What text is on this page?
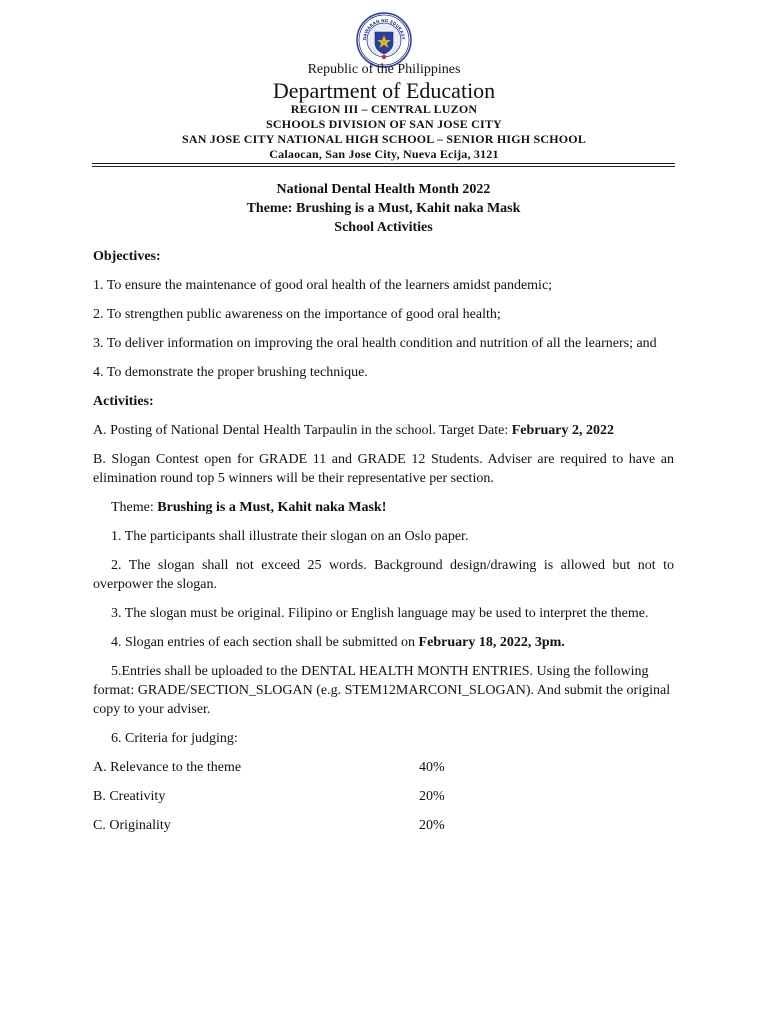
GAWARAN NG EDUKASY
Republic of the Philippines
Department of Education
REGION III – CENTRAL LUZON
SCHOOLS DIVISION OF SAN JOSE CITY
SAN JOSE CITY NATIONAL HIGH SCHOOL – SENIOR HIGH SCHOOL
Calaocan, San Jose City, Nueva Ecija, 3121

National Dental Health Month 2022

Theme: Brushing is a Must, Kahit naka Mask

School Activities

Objectives:

1. To ensure the maintenance of good oral health of the learners amidst pandemic;

2. To strengthen public awareness on the importance of good oral health;

3. To deliver information on improving the oral health condition and nutrition of all the learners; and

4. To demonstrate the proper brushing technique.

Activities:

A. Posting of National Dental Health Tarpaulin in the school. Target Date: February 2, 2022

B. Slogan Contest open for GRADE 11 and GRADE 12 Students. Adviser are required to have an elimination round top 5 winners will be their representative per section.

Theme: Brushing is a Must, Kahit naka Mask!

1. The participants shall illustrate their slogan on an Oslo paper.

2. The slogan shall not exceed 25 words. Background design/drawing is allowed but not to overpower the slogan.

3. The slogan must be original. Filipino or English language may be used to interpret the theme.

4. Slogan entries of each section shall be submitted on February 18, 2022, 3pm.

5.Entries shall be uploaded to the DENTAL HEALTH MONTH ENTRIES. Using the following format: GRADE/SECTION_SLOGAN (e.g. STEM12MARCONI_SLOGAN). And submit the original copy to your adviser.

6. Criteria for judging:

A. Relevance to the theme	40%
B. Creativity	20%
C. Originality	20%
